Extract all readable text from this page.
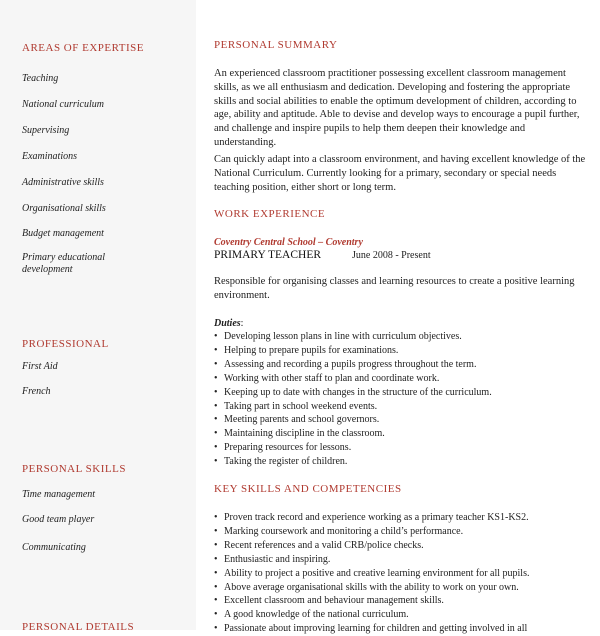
AREAS OF EXPERTISE
Teaching
National curriculum
Supervising
Examinations
Administrative skills
Organisational skills
Budget management
Primary educational development
PROFESSIONAL
First Aid
French
PERSONAL SKILLS
Time management
Good team player
Communicating
PERSONAL DETAILS
PERSONAL SUMMARY
An experienced classroom practitioner possessing excellent classroom management skills, as we all enthusiasm and dedication. Developing and fostering the appropriate skills and social abilities to enable the optimum development of children, according to age, ability and aptitude. Able to devise and develop ways to encourage a pupil further, and challenge and inspire pupils to help them deepen their knowledge and understanding.
Can quickly adapt into a classroom environment, and having excellent knowledge of the National Curriculum. Currently looking for a primary, secondary or special needs teaching position, either short or long term.
WORK EXPERIENCE
Coventry Central School – Coventry
PRIMARY TEACHER	June 2008 - Present
Responsible for organising classes and learning resources to create a positive learning environment.
Duties:
• Developing lesson plans in line with curriculum objectives.
• Helping to prepare pupils for examinations.
• Assessing and recording a pupils progress throughout the term.
• Working with other staff to plan and coordinate work.
• Keeping up to date with changes in the structure of the curriculum.
• Taking part in school weekend events.
• Meeting parents and school governors.
• Maintaining discipline in the classroom.
• Preparing resources for lessons.
• Taking the register of children.
KEY SKILLS AND COMPETENCIES
• Proven track record and experience working as a primary teacher KS1-KS2.
• Marking coursework and monitoring a child’s performance.
• Recent references and a valid CRB/police checks.
• Enthusiastic and inspiring.
• Ability to project a positive and creative learning environment for all pupils.
• Above average organisational skills with the ability to work on your own.
• Excellent classroom and behaviour management skills.
• A good knowledge of the national curriculum.
• Passionate about improving learning for children and getting involved in all
